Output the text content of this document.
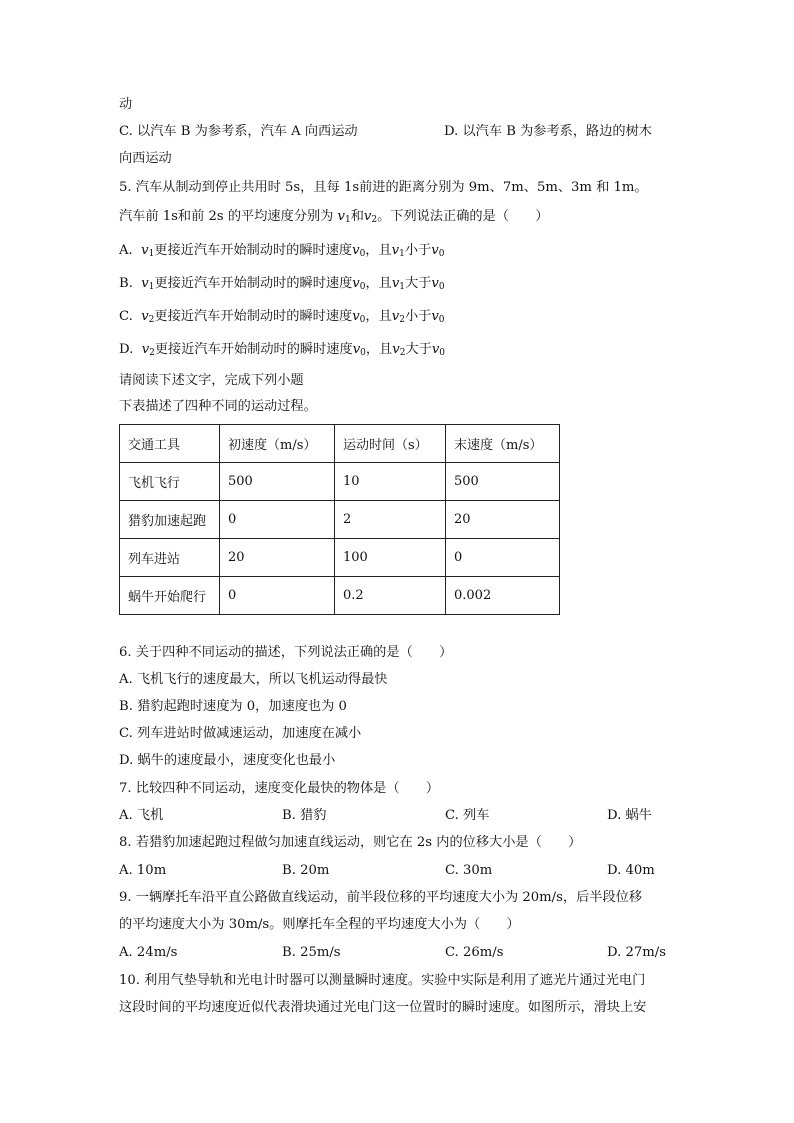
动
C. 以汽车 B 为参考系，汽车 A 向西运动	D. 以汽车 B 为参考系，路边的树木
向西运动
5. 汽车从制动到停止共用时 5s，且每 1s前进的距离分别为 9m、7m、5m、3m 和 1m。
汽车前 1s和前 2s 的平均速度分别为 $v_1$和$v_2$。下列说法正确的是（　　）
A. $v_1$更接近汽车开始制动时的瞬时速度$v_0$，且$v_1$小于$v_0$
B. $v_1$更接近汽车开始制动时的瞬时速度$v_0$，且$v_1$大于$v_0$
C. $v_2$更接近汽车开始制动时的瞬时速度$v_0$，且$v_2$小于$v_0$
D. $v_2$更接近汽车开始制动时的瞬时速度$v_0$，且$v_2$大于$v_0$
请阅读下述文字，完成下列小题
下表描述了四种不同的运动过程。
交通工具	初速度（m/s）	运动时间（s）	末速度（m/s）
飞机飞行	500	10	500
猎豹加速起跑	0	2	20
列车进站	20	100	0
蜗牛开始爬行	0	0.2	0.002
6. 关于四种不同运动的描述，下列说法正确的是（　　）
A. 飞机飞行的速度最大，所以飞机运动得最快
B. 猎豹起跑时速度为 0，加速度也为 0
C. 列车进站时做减速运动，加速度在减小
D. 蜗牛的速度最小，速度变化也最小
7. 比较四种不同运动，速度变化最快的物体是（　　）
A. 飞机	B. 猎豹	C. 列车	D. 蜗牛
8. 若猎豹加速起跑过程做匀加速直线运动，则它在 2s 内的位移大小是（　　）
A. 10m	B. 20m	C. 30m	D. 40m
9. 一辆摩托车沿平直公路做直线运动，前半段位移的平均速度大小为 20m/s，后半段位移
的平均速度大小为 30m/s。则摩托车全程的平均速度大小为（　　）
A. 24m/s	B. 25m/s	C. 26m/s	D. 27m/s
10. 利用气垫导轨和光电计时器可以测量瞬时速度。实验中实际是利用了遮光片通过光电门
这段时间的平均速度近似代表滑块通过光电门这一位置时的瞬时速度。如图所示，滑块上安
